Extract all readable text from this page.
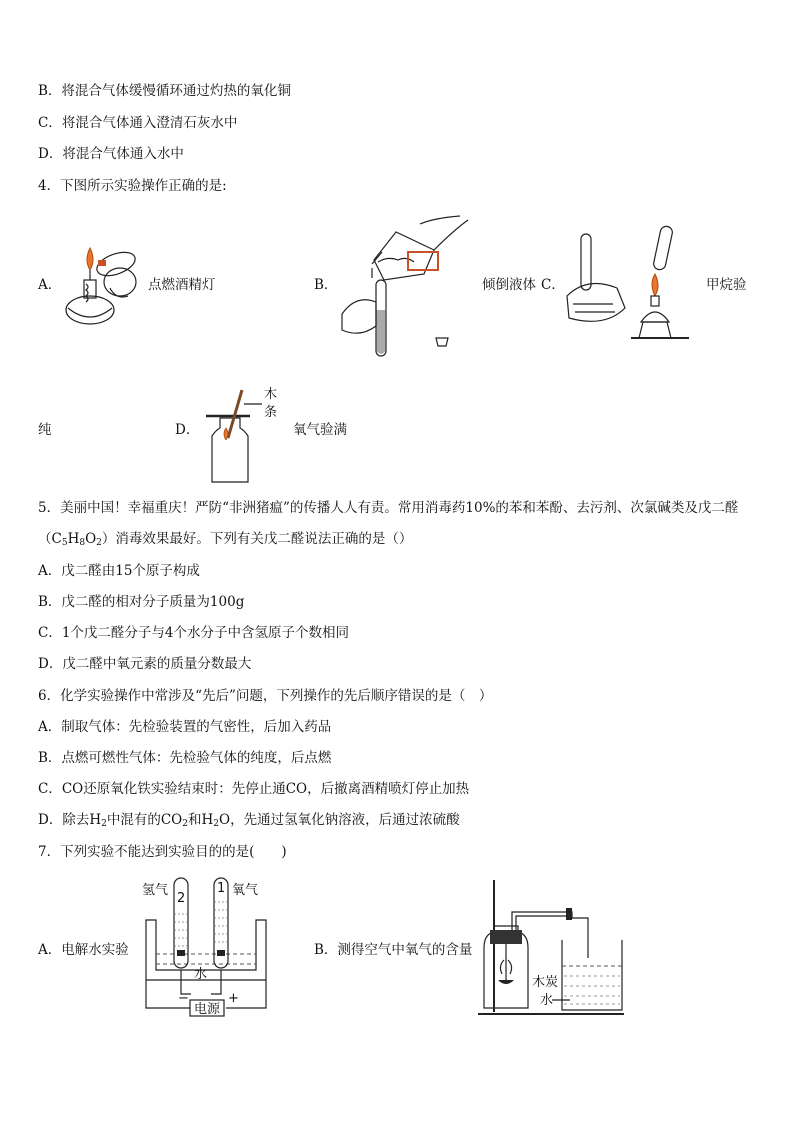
B．将混合气体缓慢循环通过灼热的氧化铜
C．将混合气体通入澄清石灰水中
D．将混合气体通入水中
4．下图所示实验操作正确的是:
A．	点燃酒精灯	B．	倾倒液体 C．	甲烷验
纯	D．
木
条
氧气验满
5．美丽中国！幸福重庆！严防“非洲猪瘟”的传播人人有责。常用消毒药10%的苯和苯酚、去污剂、次氯碱类及戊二醛
$(C_5H_8O_2)$消毒效果最好。下列有关戊二醛说法正确的是（）
A．戊二醛由15个原子构成
B．戊二醛的相对分子质量为100g
C．1个戊二醛分子与4个水分子中含氢原子个数相同
D．戊二醛中氧元素的质量分数最大
6．化学实验操作中常涉及“先后”问题，下列操作的先后顺序错误的是（　）
A．制取气体：先检验装置的气密性，后加入药品
B．点燃可燃性气体：先检验气体的纯度，后点燃
C．CO还原氧化铁实验结束时：先停止通CO，后撤离酒精喷灯停止加热
D．除去$H_2$中混有的$CO_2$和$H_2O$，先通过氢氧化钠溶液，后通过浓硫酸
7．下列实验不能达到实验目的的是(　　)
A．电解水实验
2
1
氢气	氧气
水
电源
−	+
B．测得空气中氧气的含量
木炭
水
